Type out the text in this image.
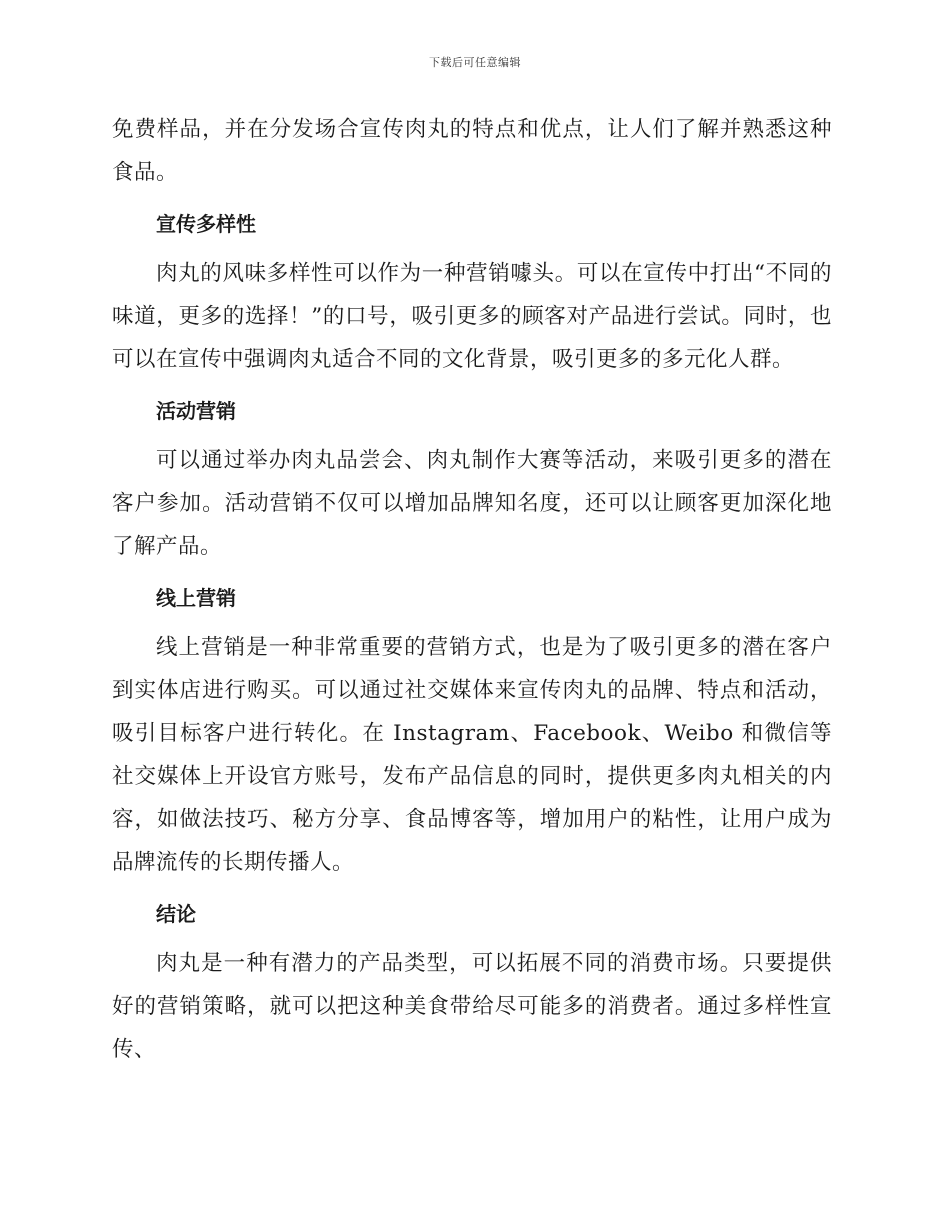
下载后可任意编辑

免费样品，并在分发场合宣传肉丸的特点和优点，让人们了解并熟悉这种食品。

宣传多样性

肉丸的风味多样性可以作为一种营销噱头。可以在宣传中打出“不同的味道，更多的选择！”的口号，吸引更多的顾客对产品进行尝试。同时，也可以在宣传中强调肉丸适合不同的文化背景，吸引更多的多元化人群。

活动营销

可以通过举办肉丸品尝会、肉丸制作大赛等活动，来吸引更多的潜在客户参加。活动营销不仅可以增加品牌知名度，还可以让顾客更加深化地了解产品。

线上营销

线上营销是一种非常重要的营销方式，也是为了吸引更多的潜在客户到实体店进行购买。可以通过社交媒体来宣传肉丸的品牌、特点和活动，吸引目标客户进行转化。在 Instagram、Facebook、Weibo 和微信等社交媒体上开设官方账号，发布产品信息的同时，提供更多肉丸相关的内容，如做法技巧、秘方分享、食品博客等，增加用户的粘性，让用户成为品牌流传的长期传播人。

结论

肉丸是一种有潜力的产品类型，可以拓展不同的消费市场。只要提供好的营销策略，就可以把这种美食带给尽可能多的消费者。通过多样性宣传、
